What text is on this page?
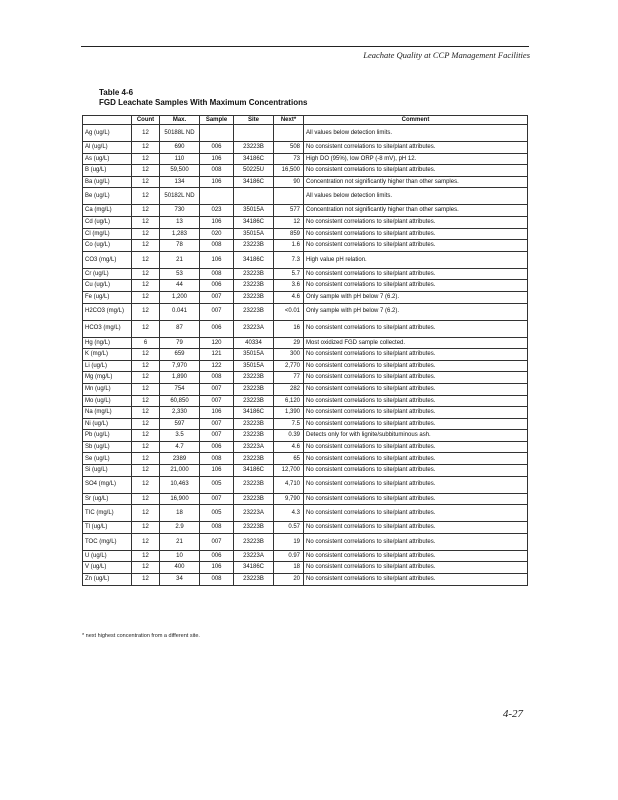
Leachate Quality at CCP Management Facilities
Table 4-6
FGD Leachate Samples With Maximum Concentrations
	Count	Max.	Sample	Site	Next*	Comment
Ag (ug/L)	12	50188L ND				All values below detection limits.
Al (ug/L)	12	690	006	23223B	508	No consistent correlations to site/plant attributes.
As (ug/L)	12	110	106	34186C	73	High DO (95%), low ORP (-8 mV), pH 12.
B (ug/L)	12	59,500	008	50225U	16,500	No consistent correlations to site/plant attributes.
Ba (ug/L)	12	134	106	34186C	90	Concentration not significantly higher than other samples.
Be (ug/L)	12	50182L ND				All values below detection limits.
Ca (mg/L)	12	730	023	35015A	577	Concentration not significantly higher than other samples.
Cd (ug/L)	12	13	106	34186C	12	No consistent correlations to site/plant attributes.
Cl (mg/L)	12	1,283	020	35015A	859	No consistent correlations to site/plant attributes.
Co (ug/L)	12	78	008	23223B	1.6	No consistent correlations to site/plant attributes.
CO3 (mg/L)	12	21	106	34186C	7.3	High value pH relation.
Cr (ug/L)	12	53	008	23223B	5.7	No consistent correlations to site/plant attributes.
Cu (ug/L)	12	44	006	23223B	3.6	No consistent correlations to site/plant attributes.
Fe (ug/L)	12	1,200	007	23223B	4.6	Only sample with pH below 7 (6.2).
H2CO3 (mg/L)	12	0.041	007	23223B	<0.01	Only sample with pH below 7 (6.2).
HCO3 (mg/L)	12	87	006	23223A	16	No consistent correlations to site/plant attributes.
Hg (ng/L)	6	79	120	40334	29	Most oxidized FGD sample collected.
K (mg/L)	12	659	121	35015A	300	No consistent correlations to site/plant attributes.
Li (ug/L)	12	7,970	122	35015A	2,770	No consistent correlations to site/plant attributes.
Mg (mg/L)	12	1,890	008	23223B	77	No consistent correlations to site/plant attributes.
Mn (ug/L)	12	754	007	23223B	282	No consistent correlations to site/plant attributes.
Mo (ug/L)	12	60,850	007	23223B	6,120	No consistent correlations to site/plant attributes.
Na (mg/L)	12	2,330	106	34186C	1,390	No consistent correlations to site/plant attributes.
Ni (ug/L)	12	597	007	23223B	7.5	No consistent correlations to site/plant attributes.
Pb (ug/L)	12	3.5	007	23223B	0.39	Detects only for with lignite/subbituminous ash.
Sb (ug/L)	12	4.7	006	23223A	4.6	No consistent correlations to site/plant attributes.
Se (ug/L)	12	2389	008	23223B	65	No consistent correlations to site/plant attributes.
Si (ug/L)	12	21,000	106	34186C	12,700	No consistent correlations to site/plant attributes.
SO4 (mg/L)	12	10,463	005	23223B	4,710	No consistent correlations to site/plant attributes.
Sr (ug/L)	12	16,900	007	23223B	9,790	No consistent correlations to site/plant attributes.
TIC (mg/L)	12	18	005	23223A	4.3	No consistent correlations to site/plant attributes.
Tl (ug/L)	12	2.9	008	23223B	0.57	No consistent correlations to site/plant attributes.
TOC (mg/L)	12	21	007	23223B	19	No consistent correlations to site/plant attributes.
U (ug/L)	12	10	006	23223A	0.97	No consistent correlations to site/plant attributes.
V (ug/L)	12	400	106	34186C	18	No consistent correlations to site/plant attributes.
Zn (ug/L)	12	34	008	23223B	20	No consistent correlations to site/plant attributes.
* next highest concentration from a different site.
4-27
